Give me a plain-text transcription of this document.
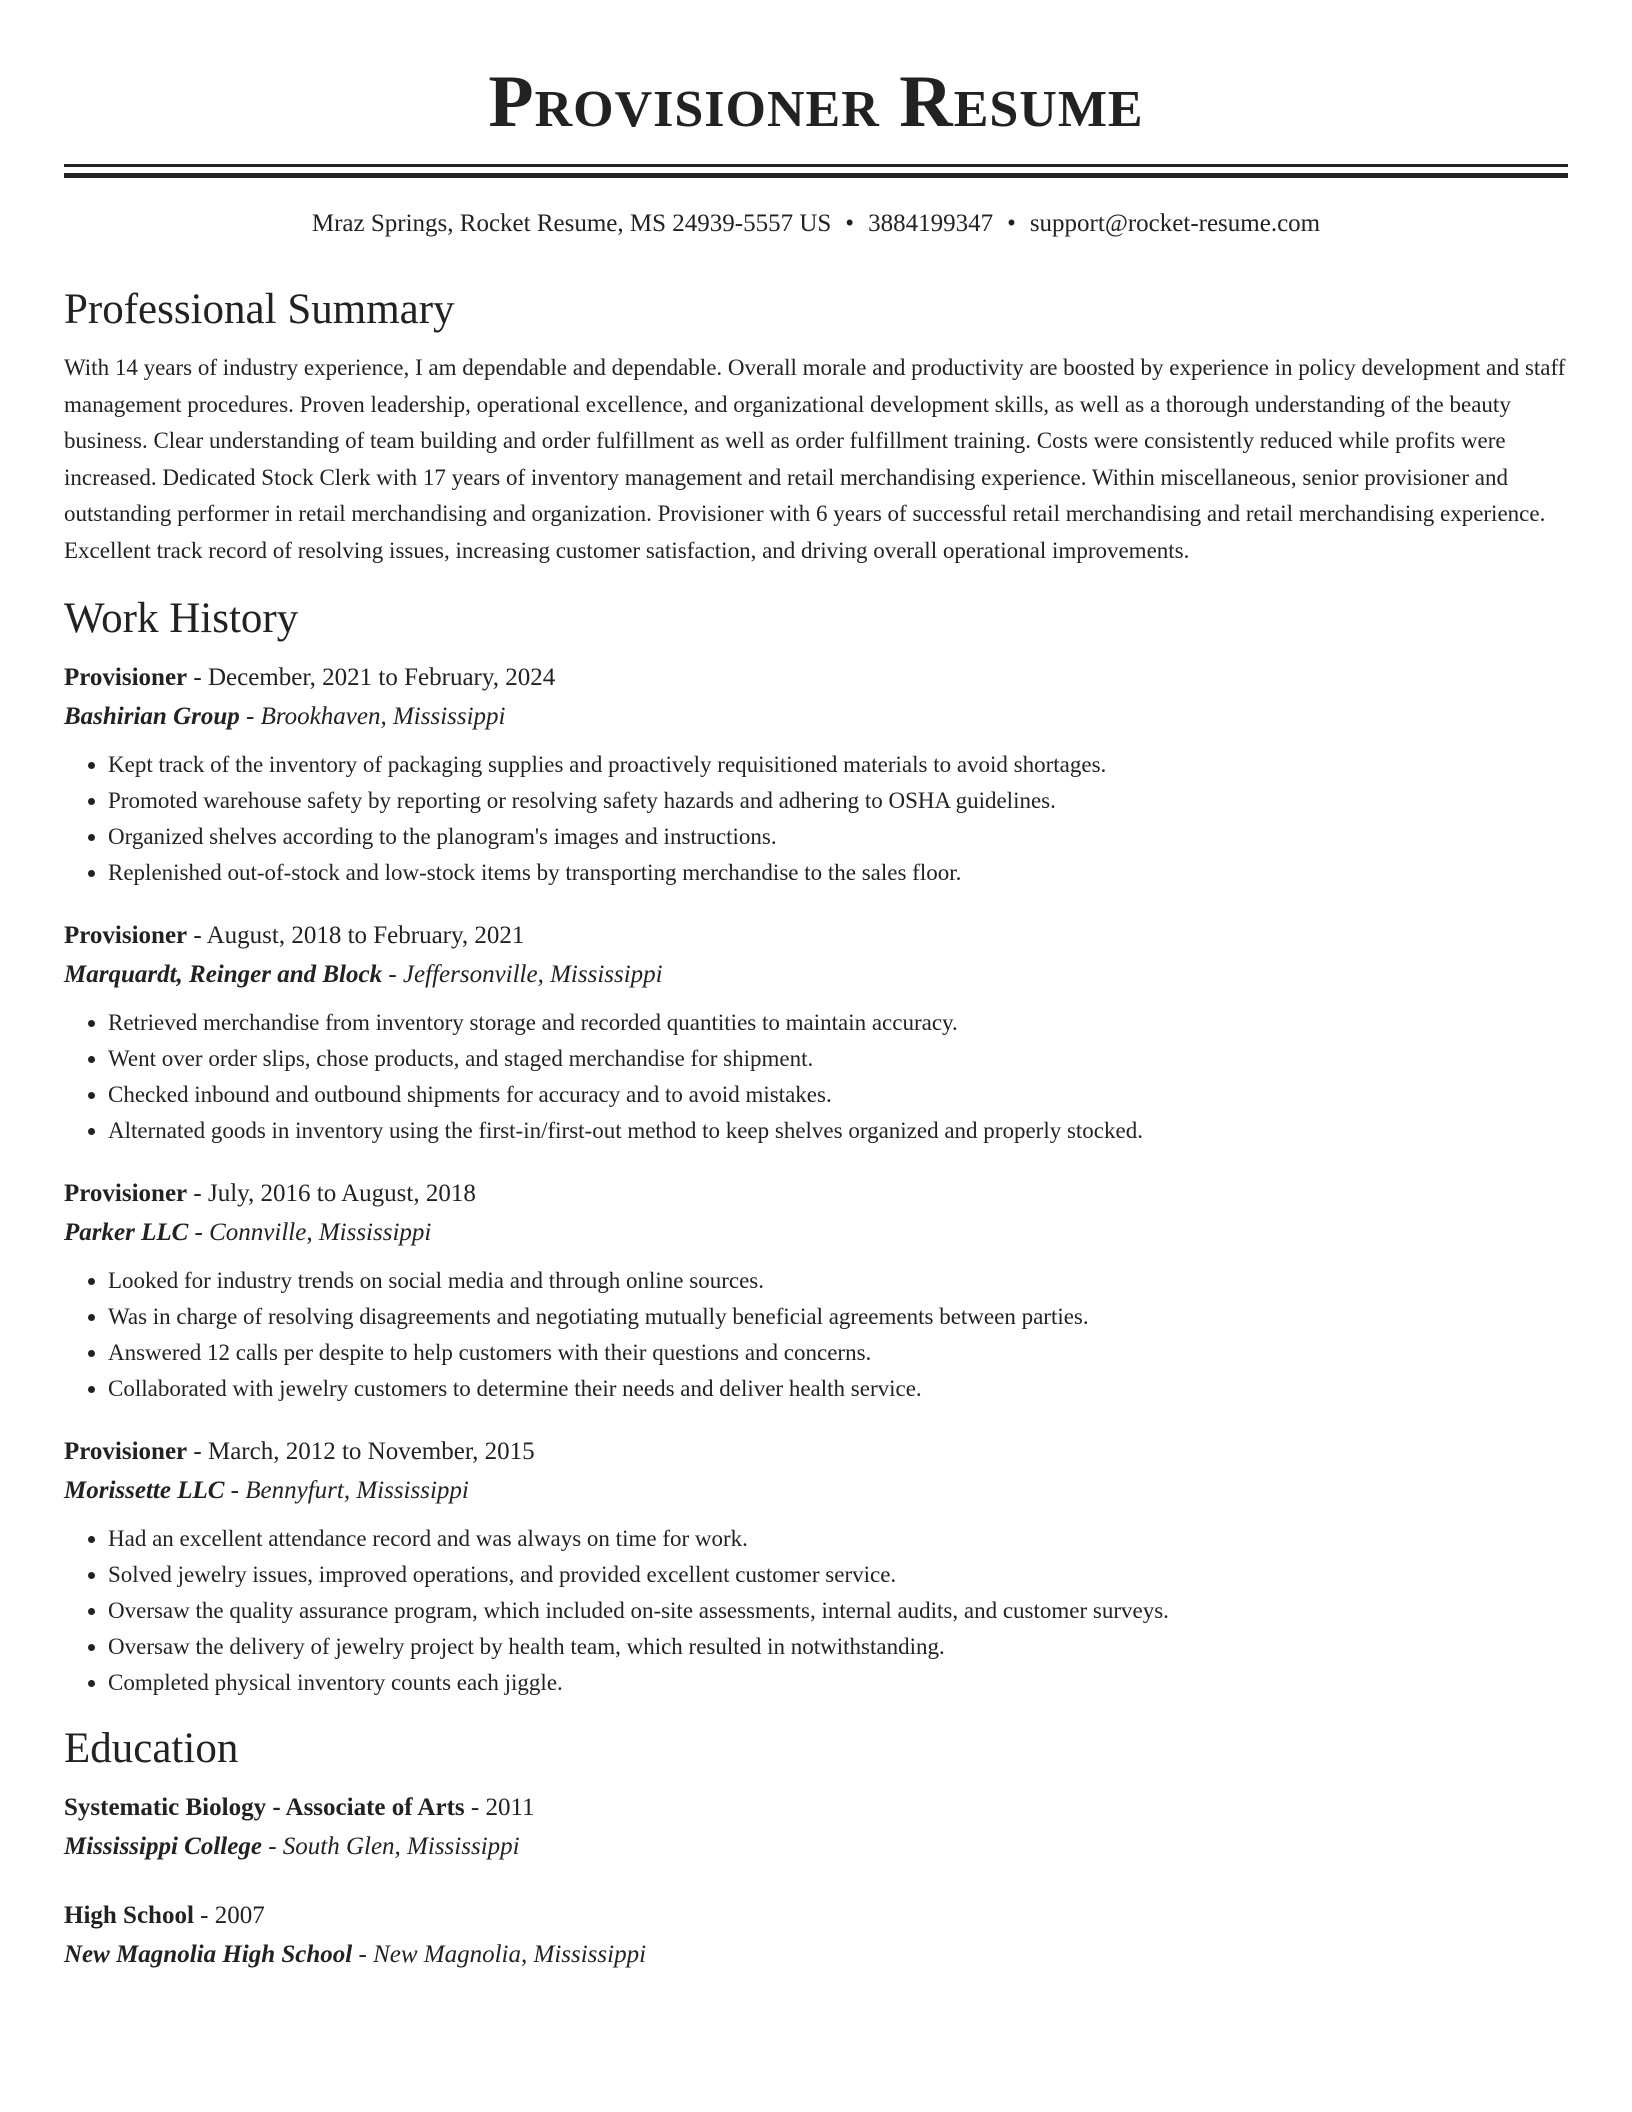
Provisioner Resume
Mraz Springs, Rocket Resume, MS 24939-5557 US • 3884199347 • support@rocket-resume.com
Professional Summary
With 14 years of industry experience, I am dependable and dependable. Overall morale and productivity are boosted by experience in policy development and staff management procedures. Proven leadership, operational excellence, and organizational development skills, as well as a thorough understanding of the beauty business. Clear understanding of team building and order fulfillment as well as order fulfillment training. Costs were consistently reduced while profits were increased. Dedicated Stock Clerk with 17 years of inventory management and retail merchandising experience. Within miscellaneous, senior provisioner and outstanding performer in retail merchandising and organization. Provisioner with 6 years of successful retail merchandising and retail merchandising experience. Excellent track record of resolving issues, increasing customer satisfaction, and driving overall operational improvements.
Work History
Provisioner - December, 2021 to February, 2024
Bashirian Group - Brookhaven, Mississippi
• Kept track of the inventory of packaging supplies and proactively requisitioned materials to avoid shortages.
• Promoted warehouse safety by reporting or resolving safety hazards and adhering to OSHA guidelines.
• Organized shelves according to the planogram's images and instructions.
• Replenished out-of-stock and low-stock items by transporting merchandise to the sales floor.
Provisioner - August, 2018 to February, 2021
Marquardt, Reinger and Block - Jeffersonville, Mississippi
• Retrieved merchandise from inventory storage and recorded quantities to maintain accuracy.
• Went over order slips, chose products, and staged merchandise for shipment.
• Checked inbound and outbound shipments for accuracy and to avoid mistakes.
• Alternated goods in inventory using the first-in/first-out method to keep shelves organized and properly stocked.
Provisioner - July, 2016 to August, 2018
Parker LLC - Connville, Mississippi
• Looked for industry trends on social media and through online sources.
• Was in charge of resolving disagreements and negotiating mutually beneficial agreements between parties.
• Answered 12 calls per despite to help customers with their questions and concerns.
• Collaborated with jewelry customers to determine their needs and deliver health service.
Provisioner - March, 2012 to November, 2015
Morissette LLC - Bennyfurt, Mississippi
• Had an excellent attendance record and was always on time for work.
• Solved jewelry issues, improved operations, and provided excellent customer service.
• Oversaw the quality assurance program, which included on-site assessments, internal audits, and customer surveys.
• Oversaw the delivery of jewelry project by health team, which resulted in notwithstanding.
• Completed physical inventory counts each jiggle.
Education
Systematic Biology - Associate of Arts - 2011
Mississippi College - South Glen, Mississippi
High School - 2007
New Magnolia High School - New Magnolia, Mississippi
